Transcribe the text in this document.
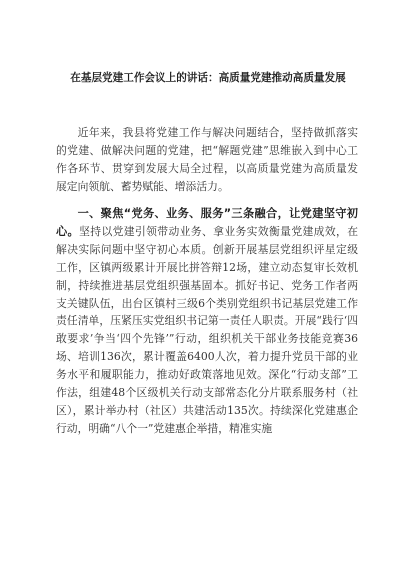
在基层党建工作会议上的讲话：高质量党建推动高质量发展

近年来，我县将党建工作与解决问题结合，坚持做抓落实的党建、做解决问题的党建，把“解题党建”思维嵌入到中心工作各环节、贯穿到发展大局全过程，以高质量党建为高质量发展定向领航、蓄势赋能、增添活力。

一、聚焦“党务、业务、服务”三条融合，让党建坚守初心。坚持以党建引领带动业务、拿业务实效衡量党建成效，在解决实际问题中坚守初心本质。创新开展基层党组织评星定级工作，区镇两级累计开展比拼答辩12场，建立动态复审长效机制，持续推进基层党组织强基固本。抓好书记、党务工作者两支关键队伍，出台区镇村三级6个类别党组织书记基层党建工作责任清单，压紧压实党组织书记第一责任人职责。开展“践行‘四敢要求’争当‘四个先锋’”行动，组织机关干部业务技能竞赛36场、培训136次，累计覆盖6400人次，着力提升党员干部的业务水平和履职能力，推动好政策落地见效。深化“行动支部”工作法，组建48个区级机关行动支部常态化分片联系服务村（社区），累计举办村（社区）共建活动135次。持续深化党建惠企行动，明确“八个一”党建惠企举措，精准实施
